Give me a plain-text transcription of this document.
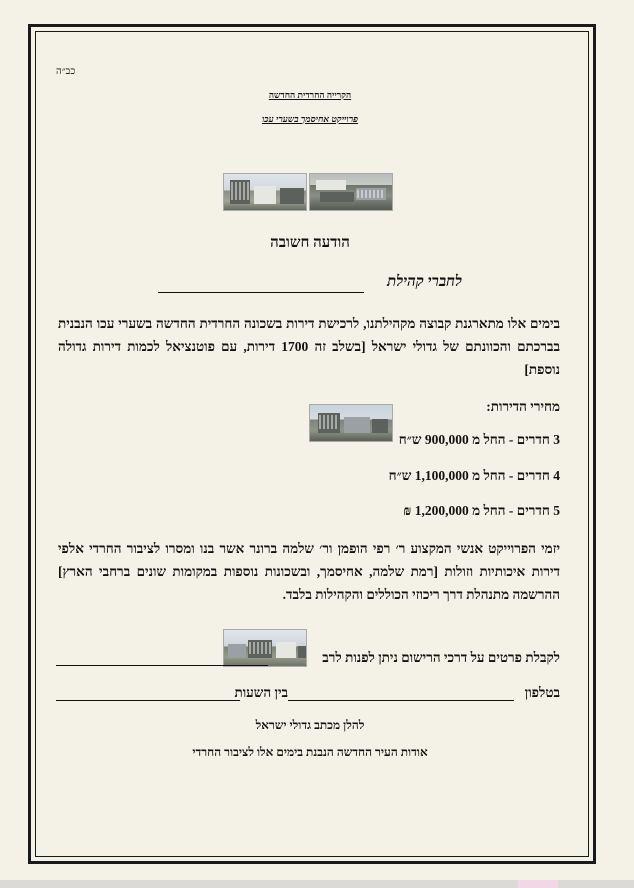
כב״ה
הקרייה החרדית החדשה
פרוייקט אחיסמך בשערי עכו
הודעה חשובה
לחברי קהילת
בימים אלו מתארגנת קבוצה מקהילתנו, לרכישת דירות בשכונה החרדית החדשה בשערי עכו הנבנית בברכתם והכוונתם של גדולי ישראל [בשלב זה 1700 דירות, עם פוטנציאל לכמות דירות גדולה נוספת]
מחירי הדירות:
3 חדרים - החל מ 900,000 ש״ח
4 חדרים - החל מ 1,100,000 ש״ח
5 חדרים - החל מ 1,200,000 ₪
יזמי הפרוייקט אנשי המקצוע ר׳ רפי הופמן ור׳ שלמה ברונר אשר בנו ומסרו לציבור החרדי אלפי דירות איכותיות וזולות [רמת שלמה, אחיסמך, ובשכונות נוספות במקומות שונים ברחבי הארץ] ההרשמה מתנהלת דרך ריכוזי הכוללים והקהילות בלבד.
לקבלת פרטים על דרכי הרישום ניתן לפנות לרב
בטלפון
בין השעות
להלן מכתב גדולי ישראל
אודות העיר החדשה הנבנת בימים אלו לציבור החרדי
